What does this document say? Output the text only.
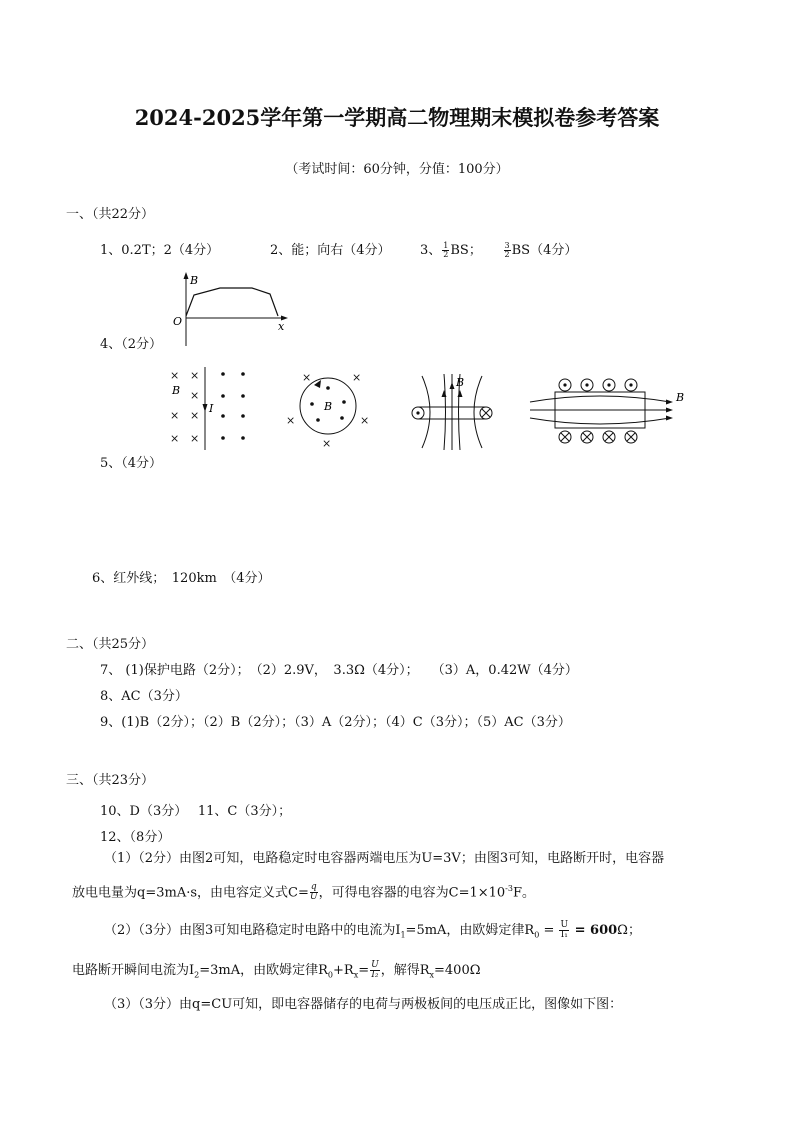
2024-2025学年第一学期高二物理期末模拟卷参考答案
（考试时间：60分钟，分值：100分）
一、（共22分）
1、0.2T；2（4分）	2、能；向右（4分） 3、 $\frac{1}{2}$ BS；	$\frac{3}{2} BS(4$分）
B
O	x
4、（2分）
× ×
× ×
× ×
×
B
I
×	×
×	×
×
B
B
B
5、（4分）
6、红外线；　120km　（4分）
二、（共25分）
7、 (1)保护电路（2分）；　（2）2.9V，　3.3Ω（4分）；　　（3）A，0.42W（4分）
8、AC（3分）
9、(1)B（2分）；（2）B（2分）；（3）A（2分）；（4）C（3分）；（5）AC（3分）
三、（共23分）
10、D（3分）　 11、C（3分）；
12、（8分）
（1）（2分）由图2可知，电路稳定时电容器两端电压为U=3V；由图3可知，电路断开时，电容器
放电电量为q=3mA·s，由电容定义式$C= \frac{q}{U}$ ，可得电容器的电容为$C=1\times 10^{-3}F$。
（2）（3分）由图3可知电路稳定时电路中的电流为$I_1=5mA$，由欧姆定律$R_0 = \frac{U}{\text{I₁}} = 600\Omega$；
电路断开瞬间电流为$I_2=3mA$，由欧姆定律$R_0+R_x= \frac{U}{\text{I₂}}$ ，解得$R_x=400\Omega$
（3）（3分）由q=CU可知，即电容器储存的电荷与两极板间的电压成正比，图像如下图：
